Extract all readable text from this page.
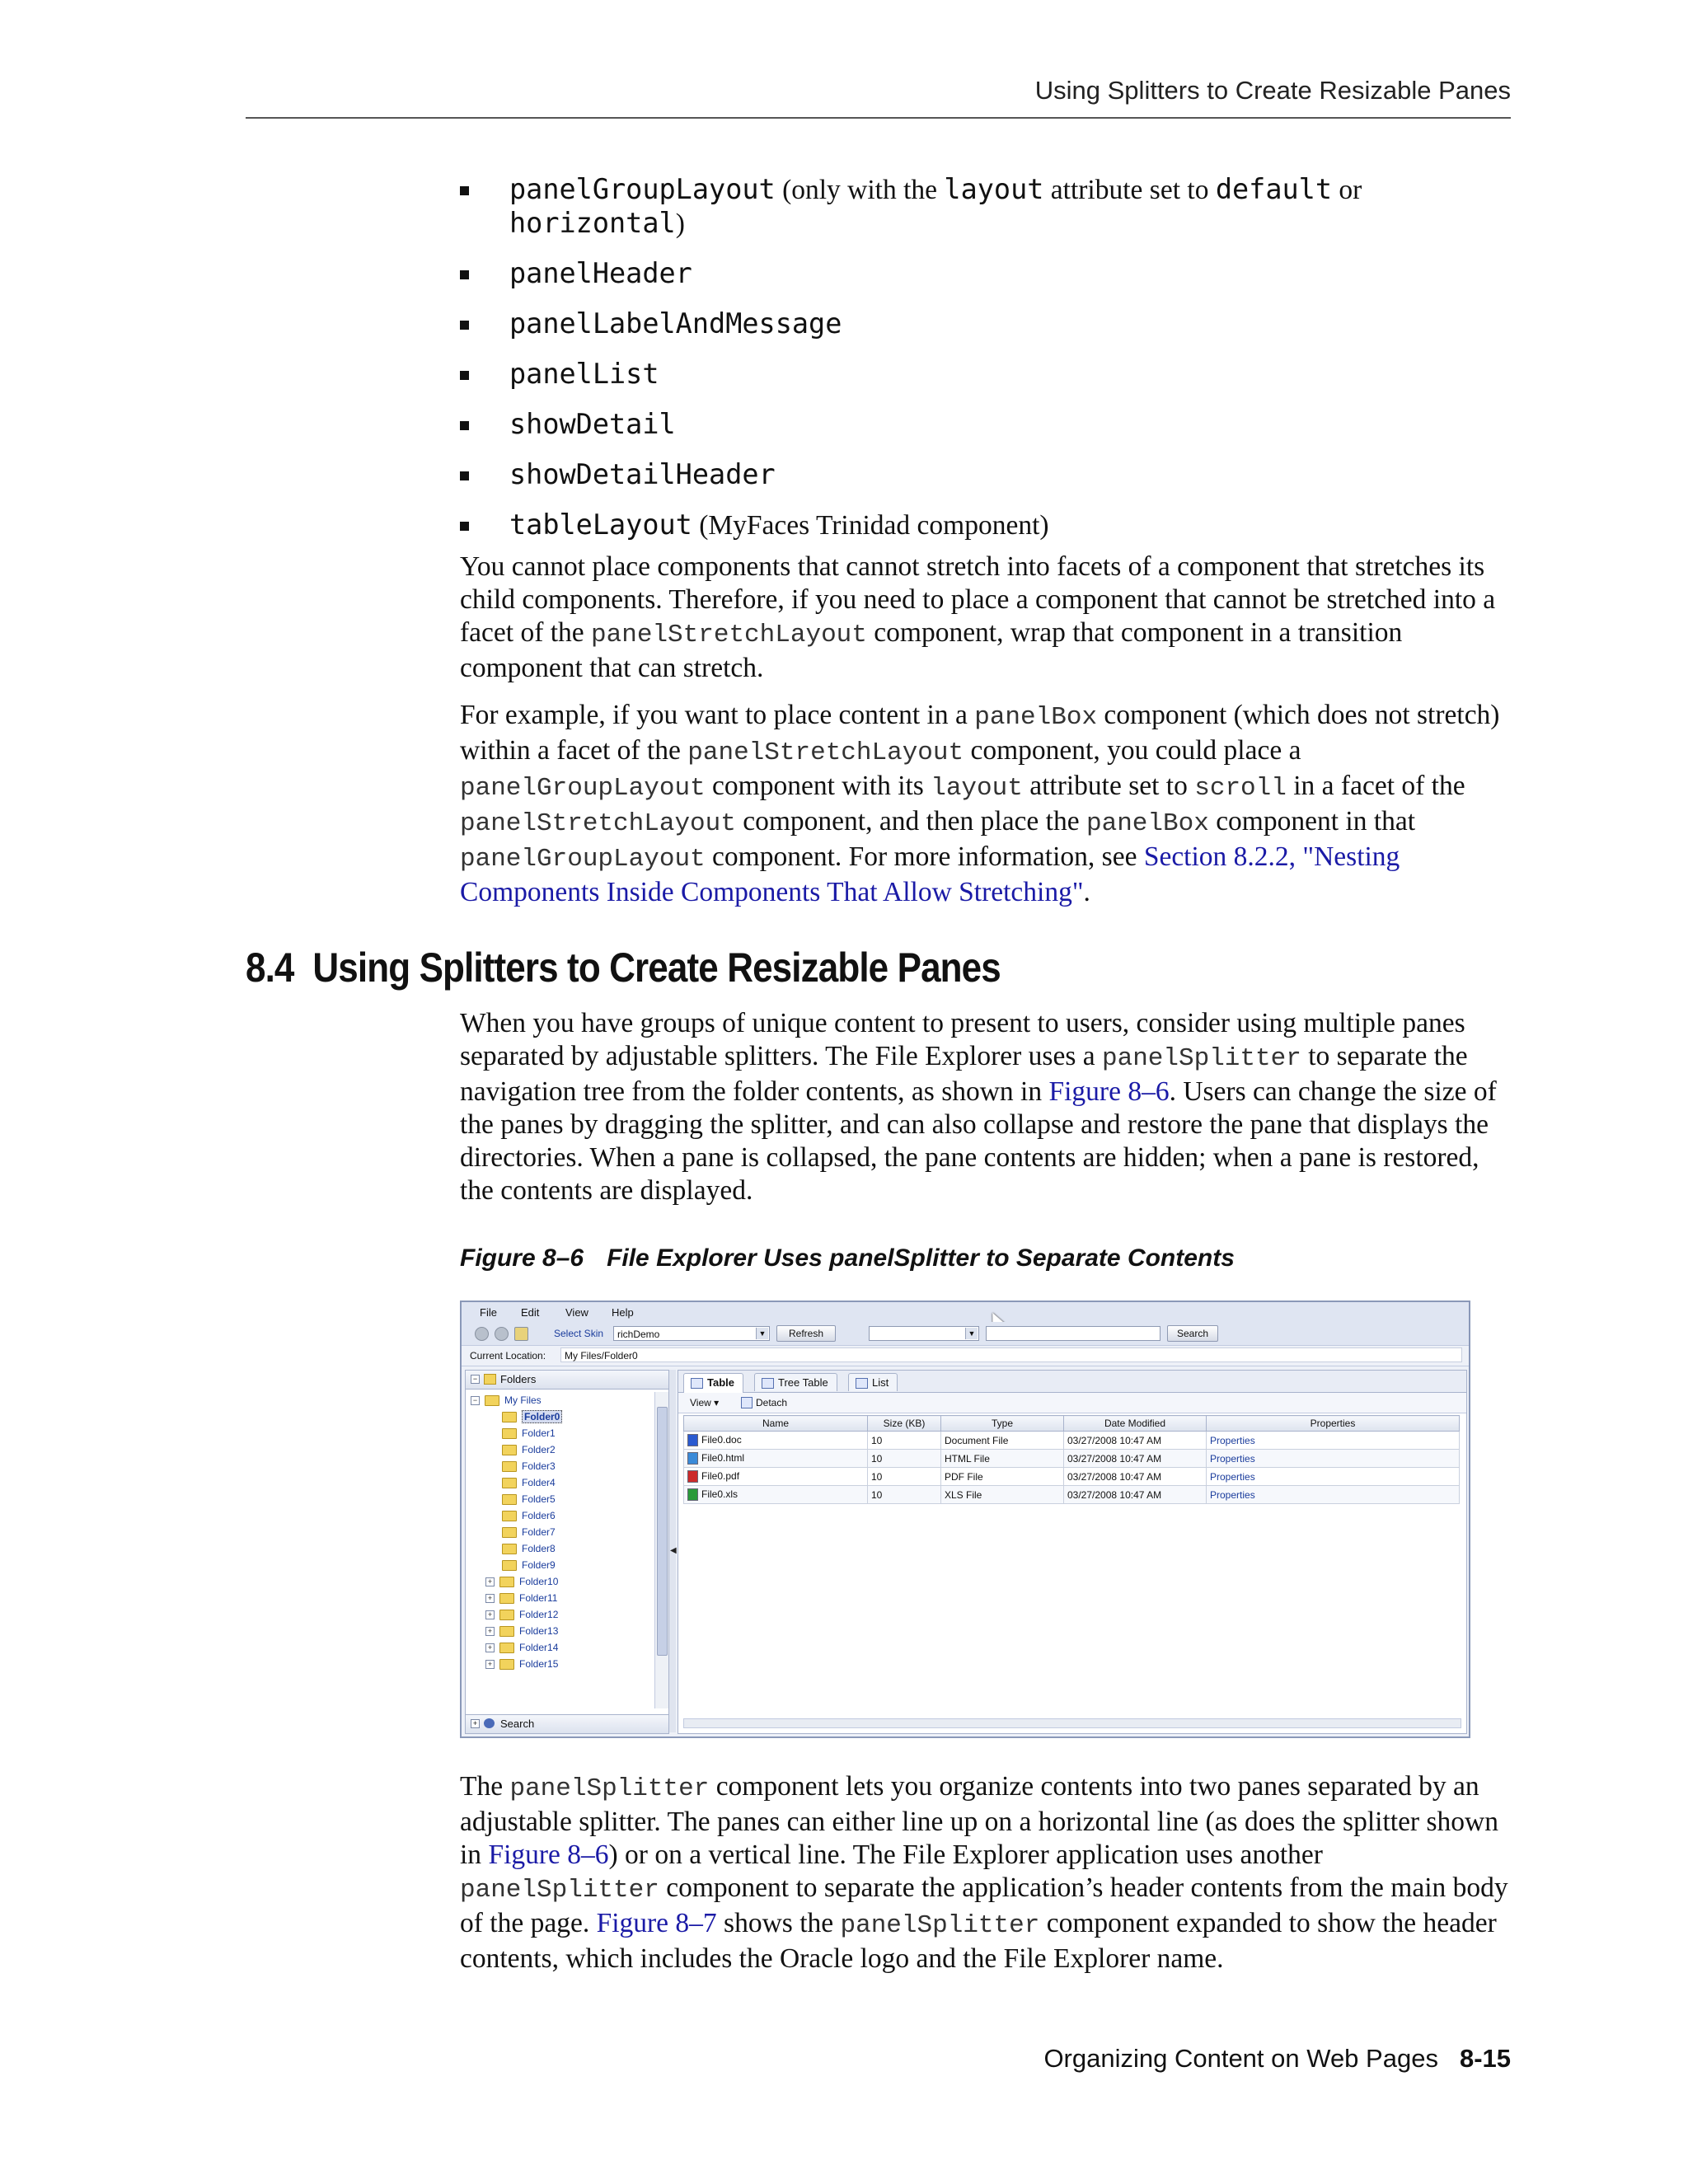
Using Splitters to Create Resizable Panes
panelGroupLayout (only with the layout attribute set to default or
horizontal)
panelHeader
panelLabelAndMessage
panelList
showDetail
showDetailHeader
tableLayout (MyFaces Trinidad component)

You cannot place components that cannot stretch into facets of a component that stretches its child components. Therefore, if you need to place a component that cannot be stretched into a facet of the panelStretchLayout component, wrap that component in a transition component that can stretch.

For example, if you want to place content in a panelBox component (which does not stretch) within a facet of the panelStretchLayout component, you could place a panelGroupLayout component with its layout attribute set to scroll in a facet of the panelStretchLayout component, and then place the panelBox component in that panelGroupLayout component. For more information, see Section 8.2.2, "Nesting Components Inside Components That Allow Stretching".

8.4 Using Splitters to Create Resizable Panes

When you have groups of unique content to present to users, consider using multiple panes separated by adjustable splitters. The File Explorer uses a panelSplitter to separate the navigation tree from the folder contents, as shown in Figure 8–6. Users can change the size of the panes by dragging the splitter, and can also collapse and restore the pane that displays the directories. When a pane is collapsed, the pane contents are hidden; when a pane is restored, the contents are displayed.

Figure 8–6 File Explorer Uses panelSplitter to Separate Contents

File Edit View Help
Select Skin	richDemo	▼	Refresh	▼	Search
Current Location:	My Files/Folder0
− Folders
−	My Files
Folder0
Folder1
Folder2
Folder3
Folder4
Folder5
Folder6
Folder7
Folder8
Folder9
+	Folder10
+	Folder11
+	Folder12
+	Folder13
+	Folder14
+	Folder15
+ Search
◀
Table	Tree Table	List
View ▾	Detach
Name	Size (KB)	Type	Date Modified	Properties
File0.doc	10	Document File	03/27/2008 10:47 AM	Properties
File0.html	10	HTML File	03/27/2008 10:47 AM	Properties
File0.pdf	10	PDF File	03/27/2008 10:47 AM	Properties
File0.xls	10	XLS File	03/27/2008 10:47 AM	Properties

The panelSplitter component lets you organize contents into two panes separated by an adjustable splitter. The panes can either line up on a horizontal line (as does the splitter shown in Figure 8–6) or on a vertical line. The File Explorer application uses another panelSplitter component to separate the application’s header contents from the main body of the page. Figure 8–7 shows the panelSplitter component expanded to show the header contents, which includes the Oracle logo and the File Explorer name.

Organizing Content on Web Pages 8-15
